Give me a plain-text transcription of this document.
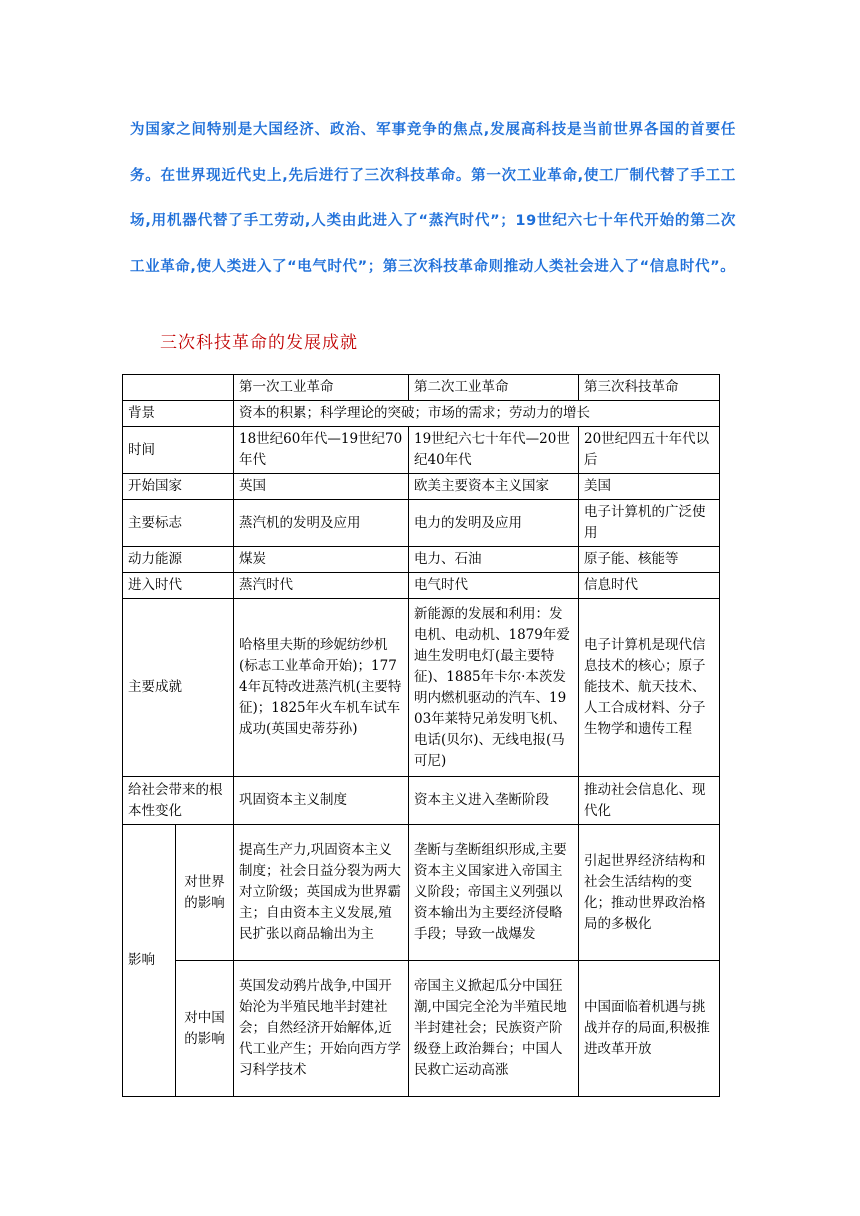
为国家之间特别是大国经济、政治、军事竞争的焦点,发展高科技是当前世界各国的首要任务。在世界现近代史上,先后进行了三次科技革命。第一次工业革命,使工厂制代替了手工工场,用机器代替了手工劳动,人类由此进入了“蒸汽时代”；19世纪六七十年代开始的第二次工业革命,使人类进入了“电气时代”；第三次科技革命则推动人类社会进入了“信息时代”。

三次科技革命的发展成就
		第一次工业革命	第二次工业革命	第三次科技革命
背景		资本的积累；科学理论的突破；市场的需求；劳动力的增长		
时间		18世纪60年代—19世纪70年代	19世纪六七十年代—20世纪40年代	20世纪四五十年代以后
开始国家		英国	欧美主要资本主义国家	美国
主要标志		蒸汽机的发明及应用	电力的发明及应用	电子计算机的广泛使用
动力能源		煤炭	电力、石油	原子能、核能等
进入时代		蒸汽时代	电气时代	信息时代
主要成就		哈格里夫斯的珍妮纺纱机(标志工业革命开始)；1774年瓦特改进蒸汽机(主要特征)；1825年火车机车试车成功(英国史蒂芬孙)	新能源的发展和利用：发电机、电动机、1879年爱迪生发明电灯(最主要特征)、1885年卡尔·本茨发明内燃机驱动的汽车、1903年莱特兄弟发明飞机、电话(贝尔)、无线电报(马可尼)	电子计算机是现代信息技术的核心；原子能技术、航天技术、人工合成材料、分子生物学和遗传工程
给社会带来的根本性变化		巩固资本主义制度	资本主义进入垄断阶段	推动社会信息化、现代化
影响	对世界的影响	提高生产力,巩固资本主义制度；社会日益分裂为两大对立阶级；英国成为世界霸主；自由资本主义发展,殖民扩张以商品输出为主	垄断与垄断组织形成,主要资本主义国家进入帝国主义阶段；帝国主义列强以资本输出为主要经济侵略手段；导致一战爆发	引起世界经济结构和社会生活结构的变化；推动世界政治格局的多极化
	对中国的影响	英国发动鸦片战争,中国开始沦为半殖民地半封建社会；自然经济开始解体,近代工业产生；开始向西方学习科学技术	帝国主义掀起瓜分中国狂潮,中国完全沦为半殖民地半封建社会；民族资产阶级登上政治舞台；中国人民救亡运动高涨	中国面临着机遇与挑战并存的局面,积极推进改革开放
